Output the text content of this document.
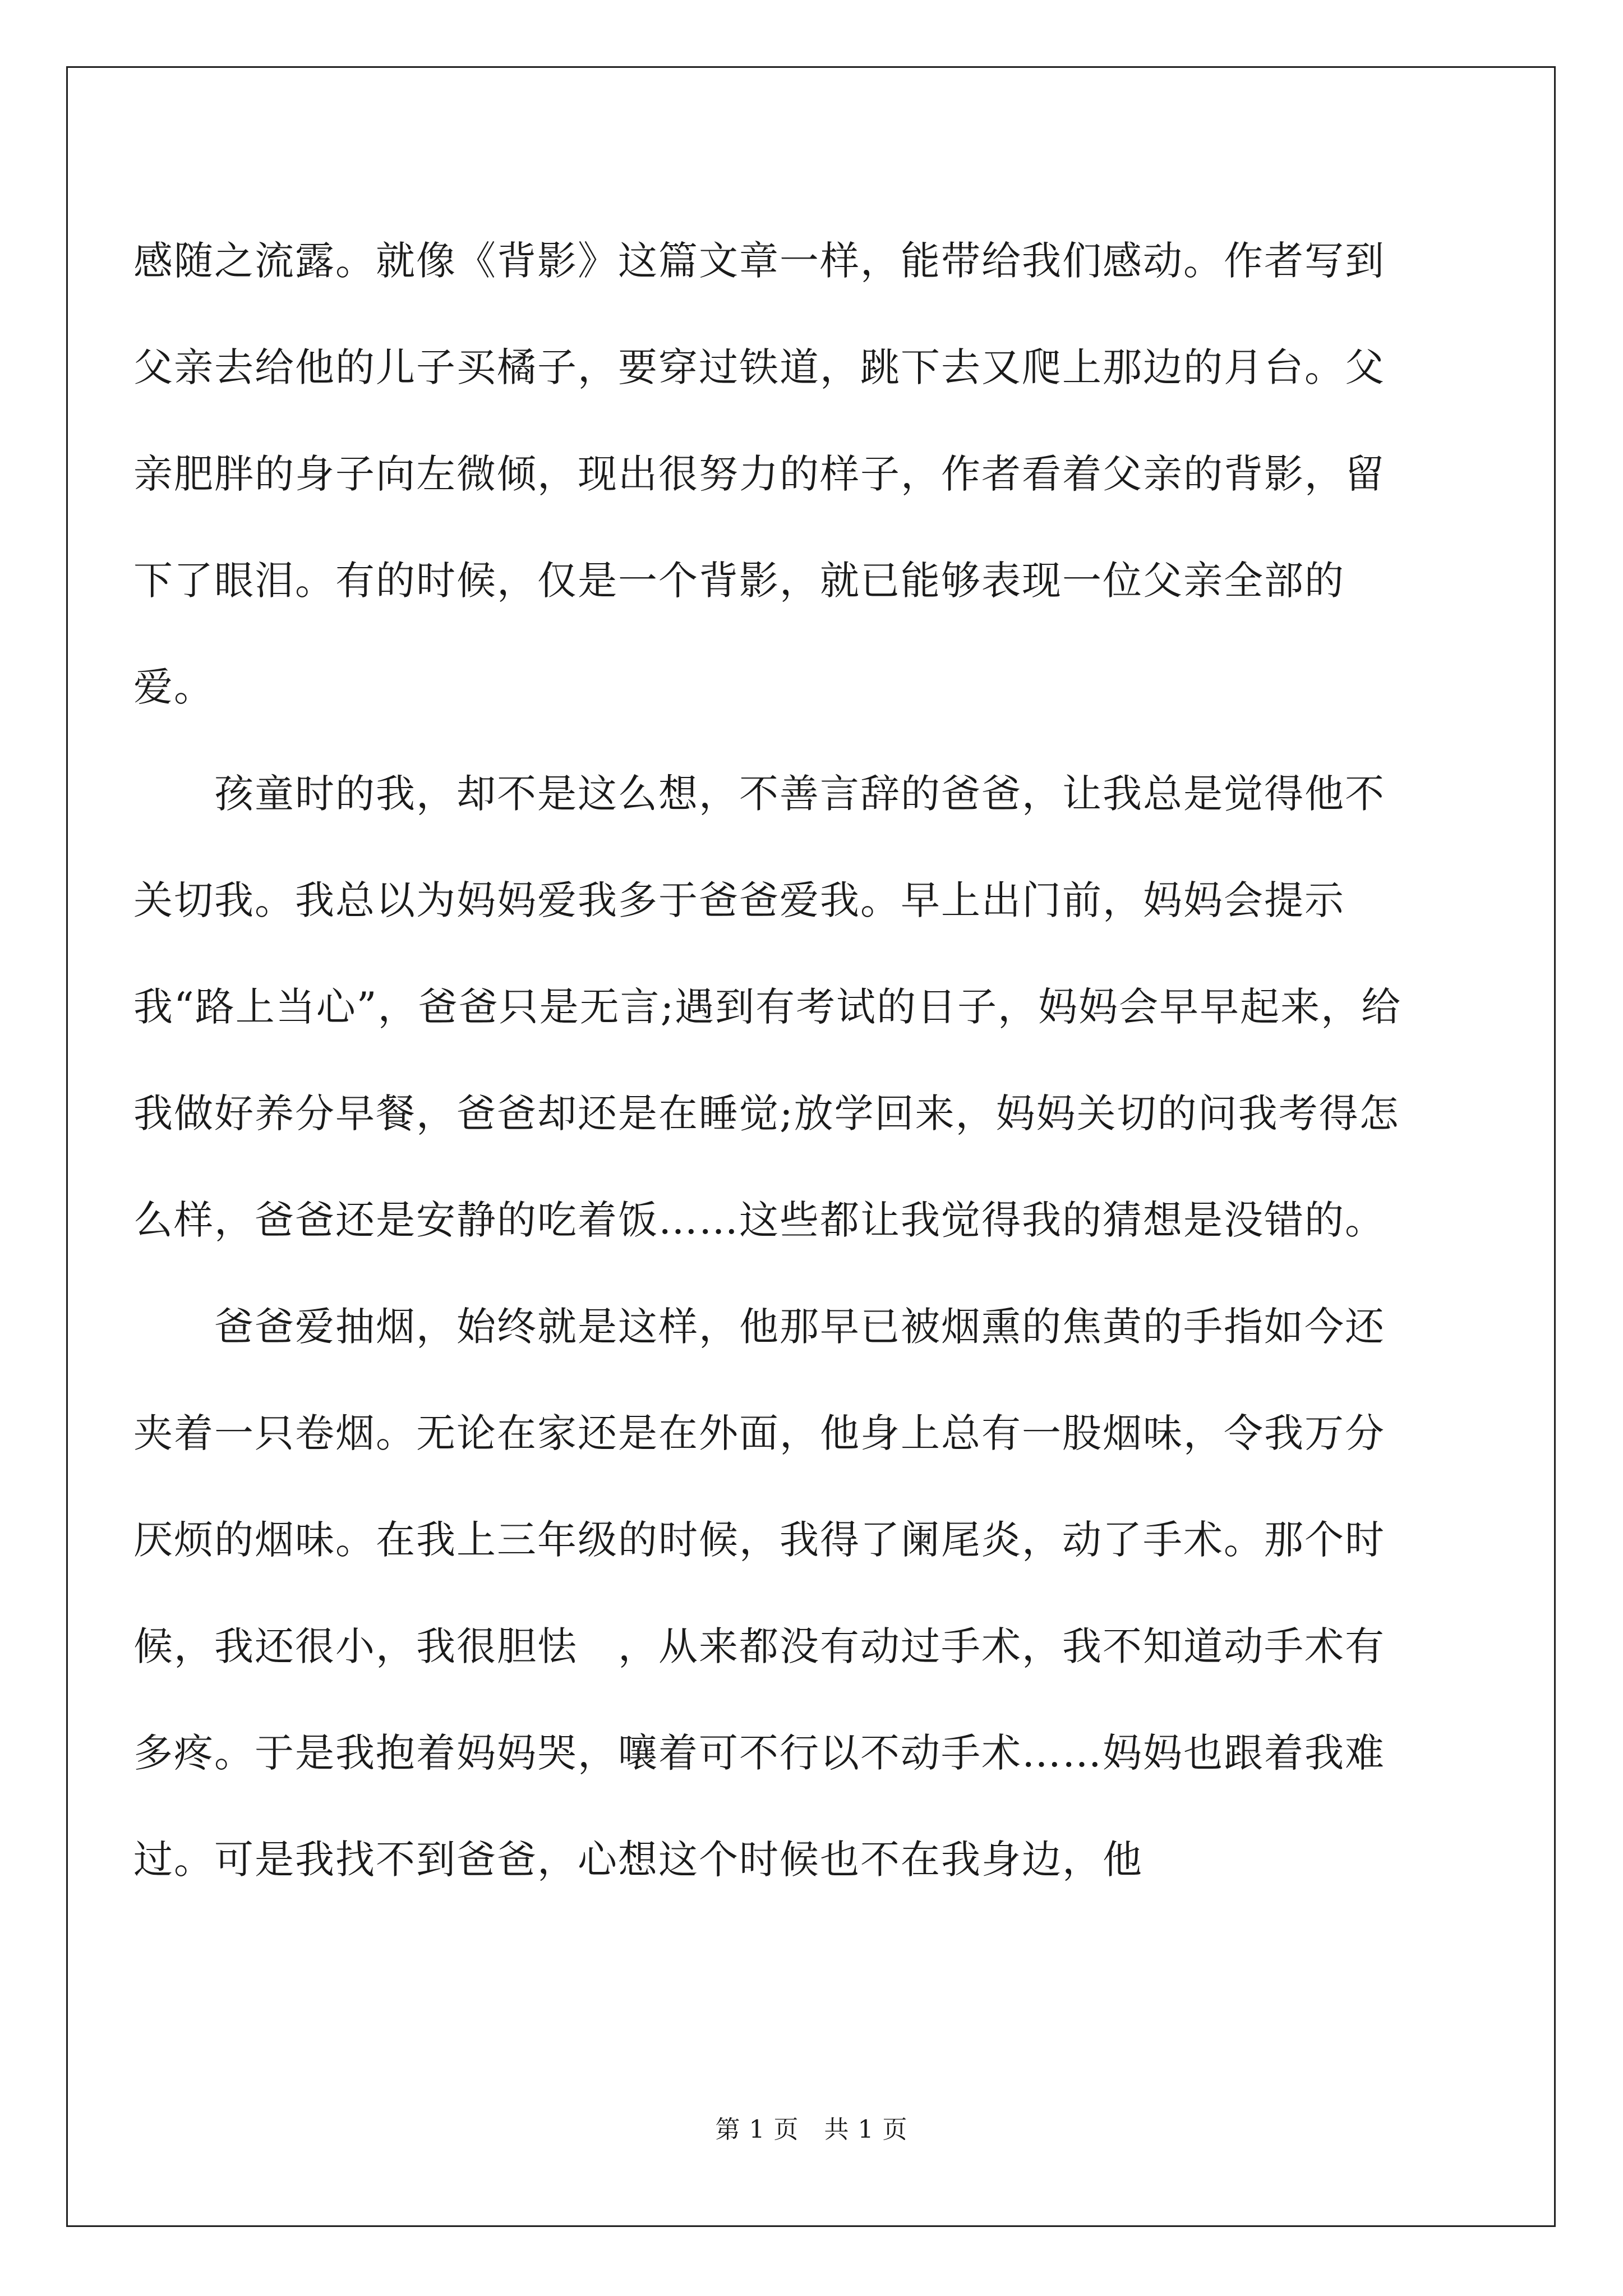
感随之流露。就像《背影》这篇文章一样，能带给我们感动。作者写到父亲去给他的儿子买橘子，要穿过铁道，跳下去又爬上那边的月台。父亲肥胖的身子向左微倾，现出很努力的样子，作者看着父亲的背影，留下了眼泪。有的时候，仅是一个背影，就已能够表现一位父亲全部的爱。

孩童时的我，却不是这么想，不善言辞的爸爸，让我总是觉得他不关切我。我总以为妈妈爱我多于爸爸爱我。早上出门前，妈妈会提示我“路上当心”，爸爸只是无言;遇到有考试的日子，妈妈会早早起来，给我做好养分早餐，爸爸却还是在睡觉;放学回来，妈妈关切的问我考得怎么样，爸爸还是安静的吃着饭……这些都让我觉得我的猜想是没错的。

爸爸爱抽烟，始终就是这样，他那早已被烟熏的焦黄的手指如今还夹着一只卷烟。无论在家还是在外面，他身上总有一股烟味，令我万分厌烦的烟味。在我上三年级的时候，我得了阑尾炎，动了手术。那个时候，我还很小，我很胆怯　，从来都没有动过手术，我不知道动手术有多疼。于是我抱着妈妈哭，嚷着可不行以不动手术……妈妈也跟着我难过。可是我找不到爸爸，心想这个时候也不在我身边，他

第 1 页　共 1 页
